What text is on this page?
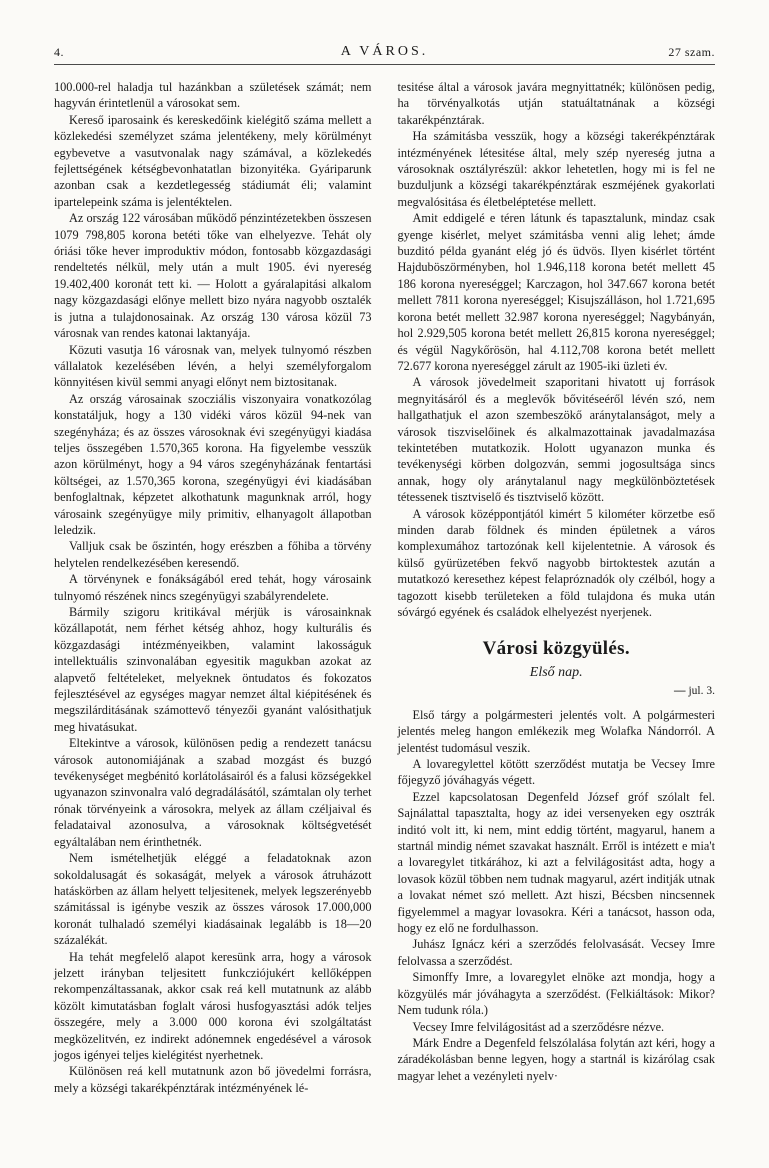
4.	A VÁROS.	27 szam.

100.000-rel haladja tul hazánkban a születések számát; nem hagyván érintetlenül a városokat sem.

Kereső iparosaink és kereskedőink kielégitő száma mellett a közlekedési személyzet száma jelentékeny, mely körülményt egybevetve a vasutvonalak nagy számával, a közlekedés fejlettségének kétségbevonhatatlan bizonyitéka. Gyáriparunk azonban csak a kezdetlegesség stádiumát éli; valamint ipartelepeink száma is jelentéktelen.

Az ország 122 városában működő pénzintézetekben összesen 1079 798,805 korona betéti tőke van elhelyezve. Tehát oly óriási tőke hever improduktiv módon, fontosabb közgazdasági rendeltetés nélkül, mely után a mult 1905. évi nyereség 19.402,400 koronát tett ki. — Holott a gyáralapitási alkalom nagy közgazdasági előnye mellett bizo nyára nagyobb osztalék is jutna a tulajdonosainak. Az ország 130 városa közül 73 városnak van rendes katonai laktanyája.

Közuti vasutja 16 városnak van, melyek tulnyomó részben vállalatok kezelésében lévén, a helyi személyforgalom könnyitésen kivül semmi anyagi előnyt nem biztositanak.

Az ország városainak szocziális viszonyaira vonatkozólag konstatáljuk, hogy a 130 vidéki város közül 94-nek van szegényháza; és az összes városoknak évi szegényügyi kiadása teljes összegében 1.570,365 korona. Ha figyelembe vesszük azon körülményt, hogy a 94 város szegényházának fentartási költségei, az 1.570,365 korona, szegényügyi évi kiadásában benfoglaltnak, képzetet alkothatunk magunknak arról, hogy városaink szegényügye mily primitiv, elhanyagolt állapotban leledzik.

Valljuk csak be őszintén, hogy erészben a főhiba a törvény helytelen rendelkezésében keresendő.

A törvénynek e fonákságából ered tehát, hogy városaink tulnyomó részének nincs szegényügyi szabályrendelete.

Bármily szigoru kritikával mérjük is városainknak közállapotát, nem férhet kétség ahhoz, hogy kulturális és közgazdasági intézményeikben, valamint lakosságuk intellektuális szinvonalában egyesitik magukban azokat az alapvető feltételeket, melyeknek öntudatos és fokozatos fejlesztésével az egységes magyar nemzet által kiépitésének és megszilárditásának számottevő tényezői gyanánt valósithatjuk meg hivatásukat.

Eltekintve a városok, különösen pedig a rendezett tanácsu városok autonomiájának a szabad mozgást és buzgó tevékenységet megbénitó korlátolásairól és a falusi községekkel ugyanazon szinvonalra való degradálásától, számtalan oly terhet rónak törvényeink a városokra, melyek az állam czéljaival és feladataival azonosulva, a városoknak költségvetését egyáltalában nem érinthetnék.

Nem ismételhetjük eléggé a feladatoknak azon sokoldalusagát és sokaságát, melyek a városok átruházott hatáskörben az állam helyett teljesitenek, melyek legszerényebb számitással is igénybe veszik az összes városok 17.000,000 koronát tulhaladó személyi kiadásainak legalább is 18—20 százalékát.

Ha tehát megfelelő alapot keresünk arra, hogy a városok jelzett irányban teljesitett funkcziójukért kellőképpen rekompenzáltassanak, akkor csak reá kell mutatnunk az alább közölt kimutatásban foglalt városi husfogyasztási adók teljes összegére, mely a 3.000 000 korona évi szolgáltatást megközelitvén, ez indirekt adónemnek engedésével a városok jogos igényei teljes kielégitést nyerhetnek.

Különösen reá kell mutatnunk azon bő jövedelmi forrásra, mely a községi takarékpénztárak intézményének lé-

tesitése által a városok javára megnyittatnék; különösen pedig, ha törvényalkotás utján statuáltatnának a községi takarékpénztárak.

Ha számitásba vesszük, hogy a községi takerékpénztárak intézményének létesitése által, mely szép nyereség jutna a városoknak osztályrészül: akkor lehetetlen, hogy mi is fel ne buzduljunk a községi takarékpénztárak eszméjének gyakorlati megvalósitása és életbeléptetése mellett.

Amit eddigelé e téren látunk és tapasztalunk, mindaz csak gyenge kisérlet, melyet számitásba venni alig lehet; ámde buzditó példa gyanánt elég jó és üdvös. Ilyen kisérlet történt Hajduböszörményben, hol 1.946,118 korona betét mellett 45 186 korona nyereséggel; Karczagon, hol 347.667 korona betét mellett 7811 korona nyereséggel; Kisujszálláson, hol 1.721,695 korona betét mellett 32.987 korona nyereséggel; Nagybányán, hol 2.929,505 korona betét mellett 26,815 korona nyereséggel; és végül Nagykőrösön, hal 4.112,708 korona betét mellett 72.677 korona nyereséggel zárult az 1905-iki üzleti év.

A városok jövedelmeit szaporitani hivatott uj források megnyitásáról és a meglevők bővitéseéről lévén szó, nem hallgathatjuk el azon szembeszökő aránytalanságot, mely a városok tiszviselőinek és alkalmazottainak javadalmazása tekintetében mutatkozik. Holott ugyanazon munka és tevékenységi körben dolgozván, semmi jogosultsága sincs annak, hogy oly aránytalanul nagy megkülönböztetések tétessenek tisztviselő és tisztviselő között.

A városok középpontjától kimért 5 kilométer körzetbe eső minden darab földnek és minden épületnek a város komplexumához tartozónak kell kijelentetnie. A városok és külső gyürüzetében fekvő nagyobb birtoktestek azután a mutatkozó keresethez képest felapróznadók oly czélból, hogy a tagozott kisebb területeken a föld tulajdona és muka után sóvárgó egyének és családok elhelyezést nyerjenek.

Városi közgyülés.
Első nap.
— jul. 3.

Első tárgy a polgármesteri jelentés volt. A polgármesteri jelentés meleg hangon emlékezik meg Wolafka Nándorról. A jelentést tudomásul veszik.

A lovaregylettel kötött szerződést mutatja be Vecsey Imre főjegyző jóváhagyás végett.

Ezzel kapcsolatosan Degenfeld József gróf szólalt fel. Sajnálattal tapasztalta, hogy az idei versenyeken egy osztrák inditó volt itt, ki nem, mint eddig történt, magyarul, hanem a startnál mindig német szavakat használt. Erről is intézett e mia't a lovaregylet titkárához, ki azt a felvilágositást adta, hogy a lovasok közül többen nem tudnak magyarul, azért inditják utnak a lovakat német szó mellett. Azt hiszi, Bécsben nincsennek figyelemmel a magyar lovasokra. Kéri a tanácsot, hasson oda, hogy ez elő ne fordulhasson.

Juhász Ignácz kéri a szerződés felolvasását. Vecsey Imre felolvassa a szerződést.

Simonffy Imre, a lovaregylet elnöke azt mondja, hogy a közgyülés már jóváhagyta a szerződést. (Felkiáltások: Mikor? Nem tudunk róla.)

Vecsey Imre felvilágositást ad a szerződésre nézve.

Márk Endre a Degenfeld felszólalása folytán azt kéri, hogy a záradékolásban benne legyen, hogy a startnál is kizárólag csak magyar lehet a vezényleti nyelv·
